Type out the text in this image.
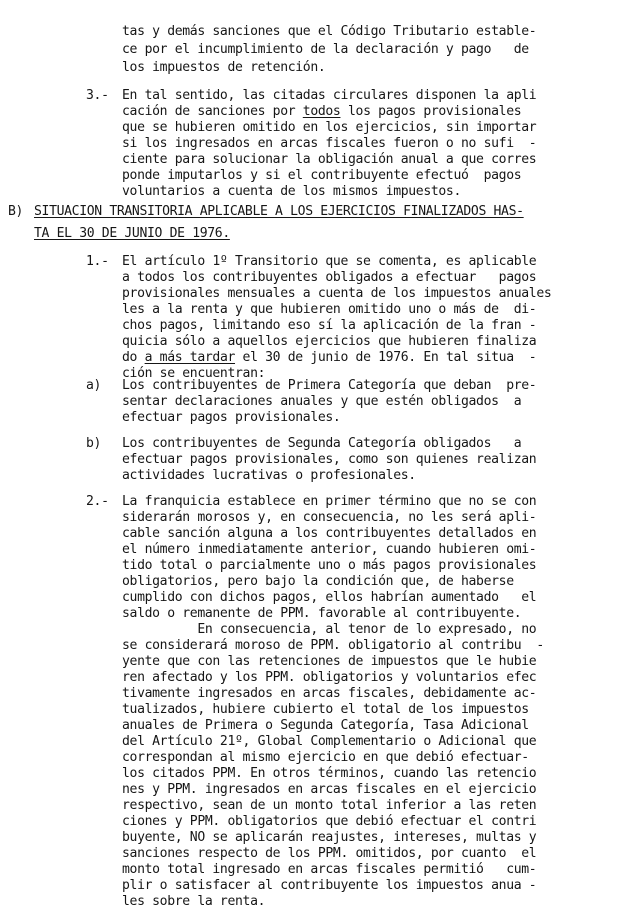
tas y demás sanciones que el Código Tributario estable-
ce por el incumplimiento de la declaración y pago   de
los impuestos de retención.
3.- En tal sentido, las citadas circulares disponen la apli
cación de sanciones por todos los pagos provisionales
que se hubieren omitido en los ejercicios, sin importar
si los ingresados en arcas fiscales fueron o no sufi  -
ciente para solucionar la obligación anual a que corres
ponde imputarlos y si el contribuyente efectuó  pagos
voluntarios a cuenta de los mismos impuestos.
B) SITUACION TRANSITORIA APLICABLE A LOS EJERCICIOS FINALIZADOS HAS-
TA EL 30 DE JUNIO DE 1976.
1.- El artículo 1º Transitorio que se comenta, es aplicable
a todos los contribuyentes obligados a efectuar   pagos
provisionales mensuales a cuenta de los impuestos anuales
les a la renta y que hubieren omitido uno o más de  di-
chos pagos, limitando eso sí la aplicación de la fran -
quicia sólo a aquellos ejercicios que hubieren finaliza
do a más tardar el 30 de junio de 1976. En tal situa  -
ción se encuentran:
a) Los contribuyentes de Primera Categoría que deban  pre-
sentar declaraciones anuales y que estén obligados  a
efectuar pagos provisionales.
b) Los contribuyentes de Segunda Categoría obligados   a
efectuar pagos provisionales, como son quienes realizan
actividades lucrativas o profesionales.
2.- La franquicia establece en primer término que no se con
siderarán morosos y, en consecuencia, no les será apli-
cable sanción alguna a los contribuyentes detallados en
el número inmediatamente anterior, cuando hubieren omi-
tido total o parcialmente uno o más pagos provisionales
obligatorios, pero bajo la condición que, de haberse
cumplido con dichos pagos, ellos habrían aumentado   el
saldo o remanente de PPM. favorable al contribuyente.
En consecuencia, al tenor de lo expresado, no
se considerará moroso de PPM. obligatorio al contribu  -
yente que con las retenciones de impuestos que le hubie
ren afectado y los PPM. obligatorios y voluntarios efec
tivamente ingresados en arcas fiscales, debidamente ac-
tualizados, hubiere cubierto el total de los impuestos
anuales de Primera o Segunda Categoría, Tasa Adicional
del Artículo 21º, Global Complementario o Adicional que
correspondan al mismo ejercicio en que debió efectuar-
los citados PPM. En otros términos, cuando las retencio
nes y PPM. ingresados en arcas fiscales en el ejercicio
respectivo, sean de un monto total inferior a las reten
ciones y PPM. obligatorios que debió efectuar el contri
buyente, NO se aplicarán reajustes, intereses, multas y
sanciones respecto de los PPM. omitidos, por cuanto  el
monto total ingresado en arcas fiscales permitió   cum-
plir o satisfacer al contribuyente los impuestos anua -
les sobre la renta.
